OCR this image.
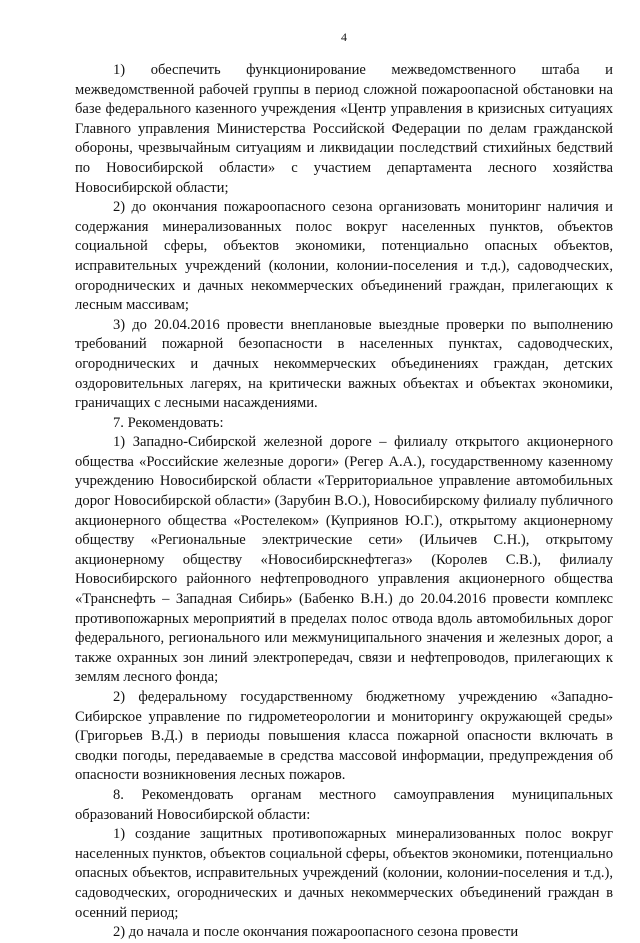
4

1) обеспечить функционирование межведомственного штаба и межведомственной рабочей группы в период сложной пожароопасной обстановки на базе федерального казенного учреждения «Центр управления в кризисных ситуациях Главного управления Министерства Российской Федерации по делам гражданской обороны, чрезвычайным ситуациям и ликвидации последствий стихийных бедствий по Новосибирской области» с участием департамента лесного хозяйства Новосибирской области;

2) до окончания пожароопасного сезона организовать мониторинг наличия и содержания минерализованных полос вокруг населенных пунктов, объектов социальной сферы, объектов экономики, потенциально опасных объектов, исправительных учреждений (колонии, колонии-поселения и т.д.), садоводческих, огороднических и дачных некоммерческих объединений граждан, прилегающих к лесным массивам;

3) до 20.04.2016 провести внеплановые выездные проверки по выполнению требований пожарной безопасности в населенных пунктах, садоводческих, огороднических и дачных некоммерческих объединениях граждан, детских оздоровительных лагерях, на критически важных объектах и объектах экономики, граничащих с лесными насаждениями.

7. Рекомендовать:

1) Западно-Сибирской железной дороге – филиалу открытого акционерного общества «Российские железные дороги» (Регер А.А.), государственному казенному учреждению Новосибирской области «Территориальное управление автомобильных дорог Новосибирской области» (Зарубин В.О.), Новосибирскому филиалу публичного акционерного общества «Ростелеком» (Куприянов Ю.Г.), открытому акционерному обществу «Региональные электрические сети» (Ильичев С.Н.), открытому акционерному обществу «Новосибирскнефтегаз» (Королев С.В.), филиалу Новосибирского районного нефтепроводного управления акционерного общества «Транснефть – Западная Сибирь» (Бабенко В.Н.) до 20.04.2016 провести комплекс противопожарных мероприятий в пределах полос отвода вдоль автомобильных дорог федерального, регионального или межмуниципального значения и железных дорог, а также охранных зон линий электропередач, связи и нефтепроводов, прилегающих к землям лесного фонда;

2) федеральному государственному бюджетному учреждению «Западно-Сибирское управление по гидрометеорологии и мониторингу окружающей среды» (Григорьев В.Д.) в периоды повышения класса пожарной опасности включать в сводки погоды, передаваемые в средства массовой информации, предупреждения об опасности возникновения лесных пожаров.

8. Рекомендовать органам местного самоуправления муниципальных образований Новосибирской области:

1) создание защитных противопожарных минерализованных полос вокруг населенных пунктов, объектов социальной сферы, объектов экономики, потенциально опасных объектов, исправительных учреждений (колонии, колонии-поселения и т.д.), садоводческих, огороднических и дачных некоммерческих объединений граждан в осенний период;

2) до начала и после окончания пожароопасного сезона провести
